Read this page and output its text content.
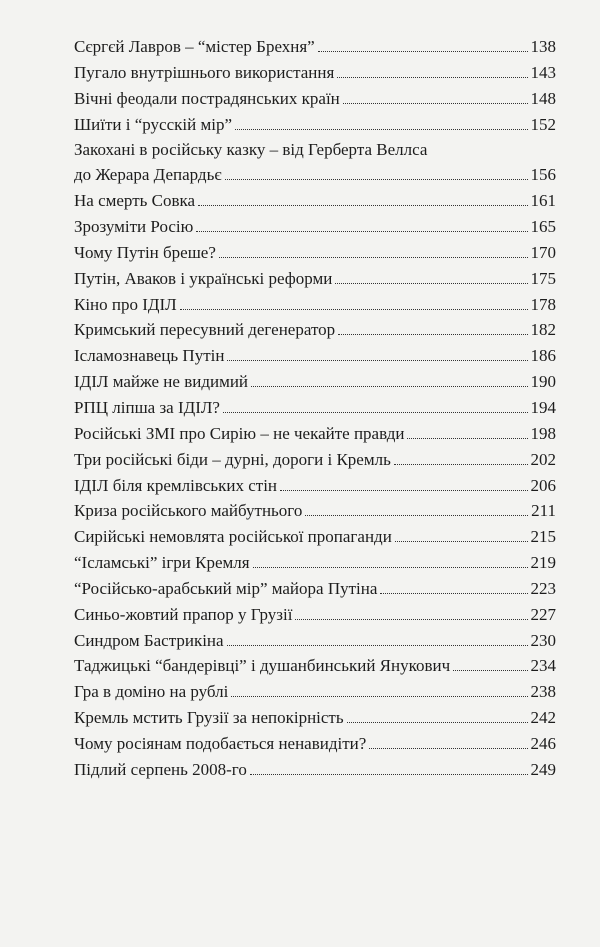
Сєргєй Лавров – “містер Брехня”	138
Пугало внутрішнього використання	143
Вічні феодали пострадянських країн	148
Шиїти і “русскій мір”	152
Закохані в російську казку – від Герберта Веллса
до Жерара Депардьє	156
На смерть Совка	161
Зрозуміти Росію	165
Чому Путін бреше?	170
Путін, Аваков і українські реформи	175
Кіно про ІДІЛ	178
Кримський пересувний дегенератор	182
Ісламознавець Путін	186
ІДІЛ майже не видимий	190
РПЦ ліпша за ІДІЛ?	194
Російські ЗМІ про Сирію – не чекайте правди	198
Три російські біди – дурні, дороги і Кремль	202
ІДІЛ біля кремлівських стін	206
Криза російського майбутнього	211
Сирійські немовлята російської пропаганди	215
“Ісламські” ігри Кремля	219
“Російсько-арабський мір” майора Путіна	223
Синьо-жовтий прапор у Грузії	227
Синдром Бастрикіна	230
Таджицькі “бандерівці” і душанбинський Янукович	234
Гра в доміно на рублі	238
Кремль мстить Грузії за непокірність	242
Чому росіянам подобається ненавидіти?	246
Підлий серпень 2008-го	249
